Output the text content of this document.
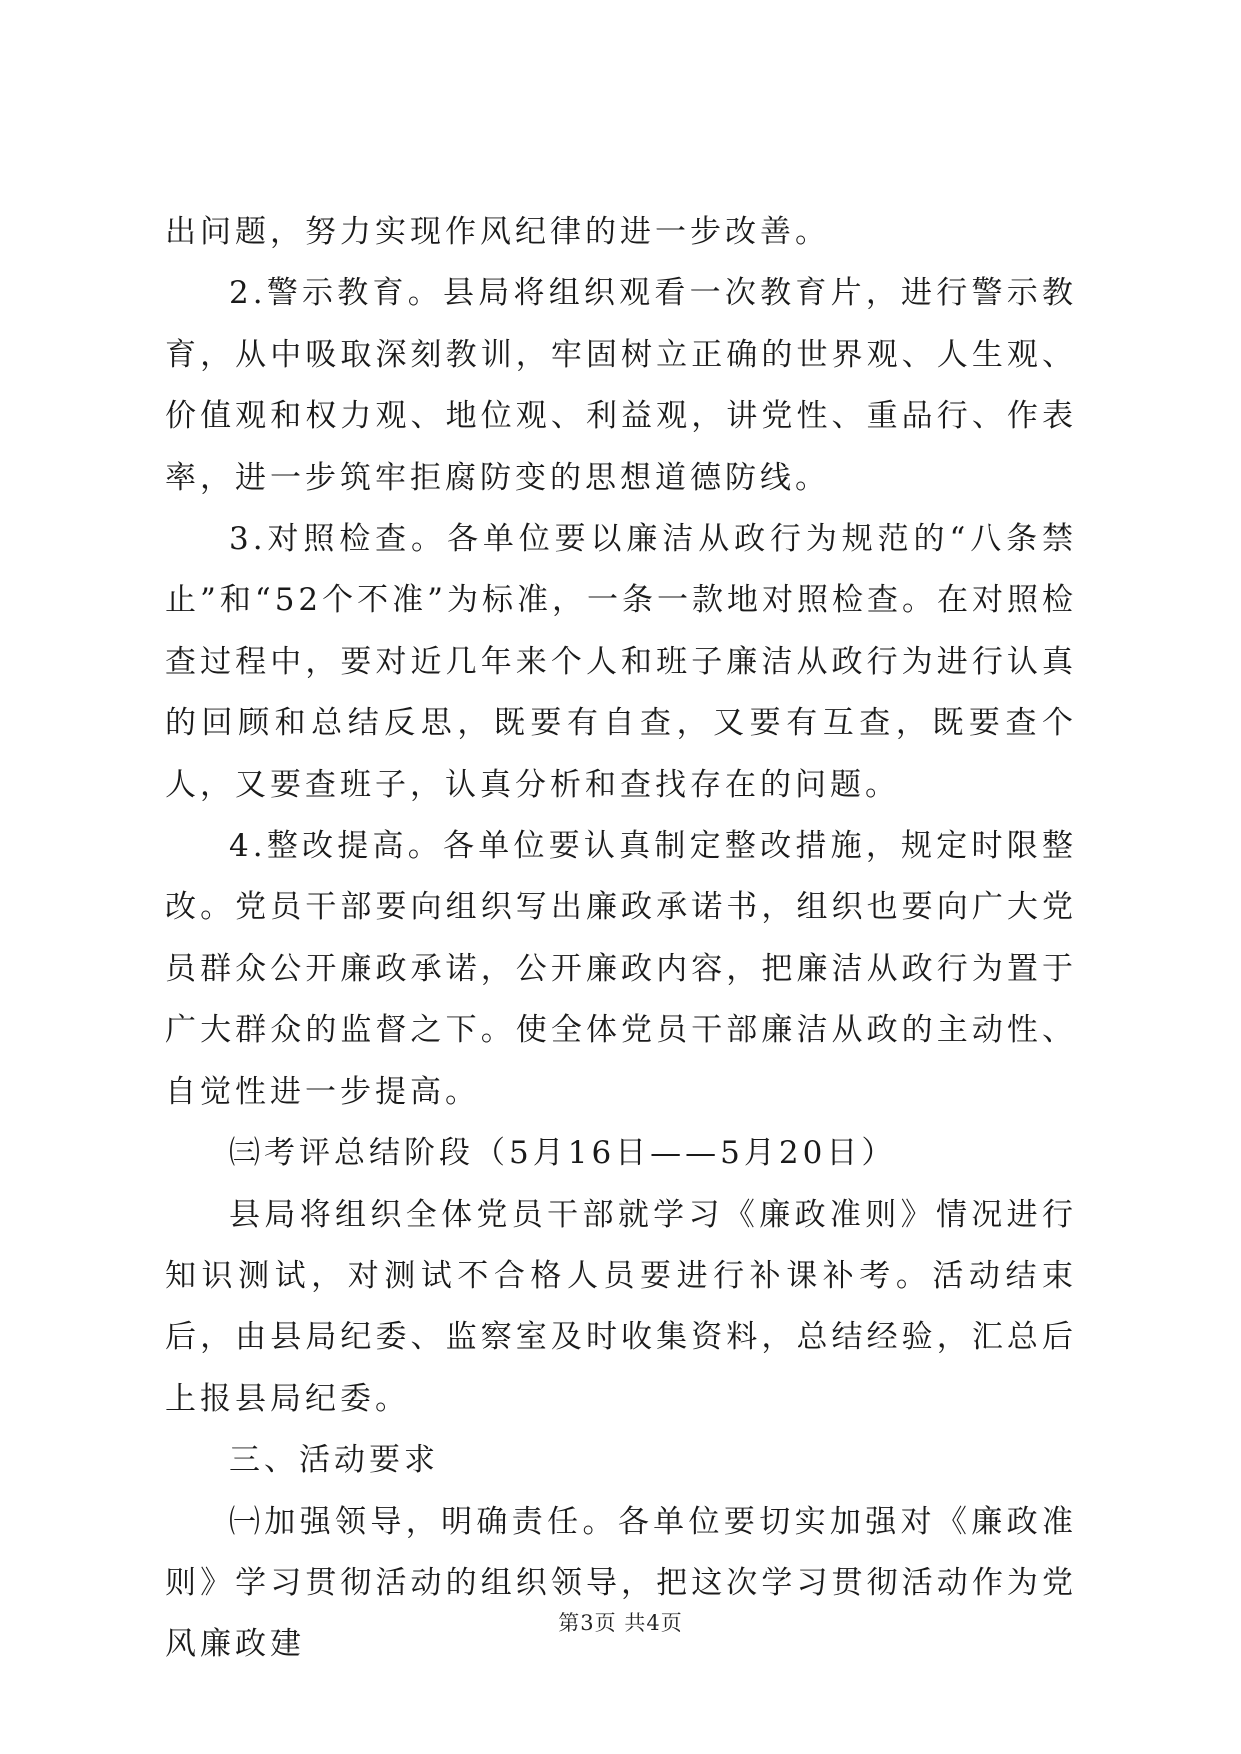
出问题，努力实现作风纪律的进一步改善。

2.警示教育。县局将组织观看一次教育片，进行警示教育，从中吸取深刻教训，牢固树立正确的世界观、人生观、价值观和权力观、地位观、利益观，讲党性、重品行、作表率，进一步筑牢拒腐防变的思想道德防线。

3.对照检查。各单位要以廉洁从政行为规范的“八条禁止”和“52个不准”为标准，一条一款地对照检查。在对照检查过程中，要对近几年来个人和班子廉洁从政行为进行认真的回顾和总结反思，既要有自查，又要有互查，既要查个人，又要查班子，认真分析和查找存在的问题。

4.整改提高。各单位要认真制定整改措施，规定时限整改。党员干部要向组织写出廉政承诺书，组织也要向广大党员群众公开廉政承诺，公开廉政内容，把廉洁从政行为置于广大群众的监督之下。使全体党员干部廉洁从政的主动性、自觉性进一步提高。

㈢考评总结阶段（5月16日——5月20日）

县局将组织全体党员干部就学习《廉政准则》情况进行知识测试，对测试不合格人员要进行补课补考。活动结束后，由县局纪委、监察室及时收集资料，总结经验，汇总后上报县局纪委。

三、活动要求

㈠加强领导，明确责任。各单位要切实加强对《廉政准则》学习贯彻活动的组织领导，把这次学习贯彻活动作为党风廉政建

第3页 共4页
